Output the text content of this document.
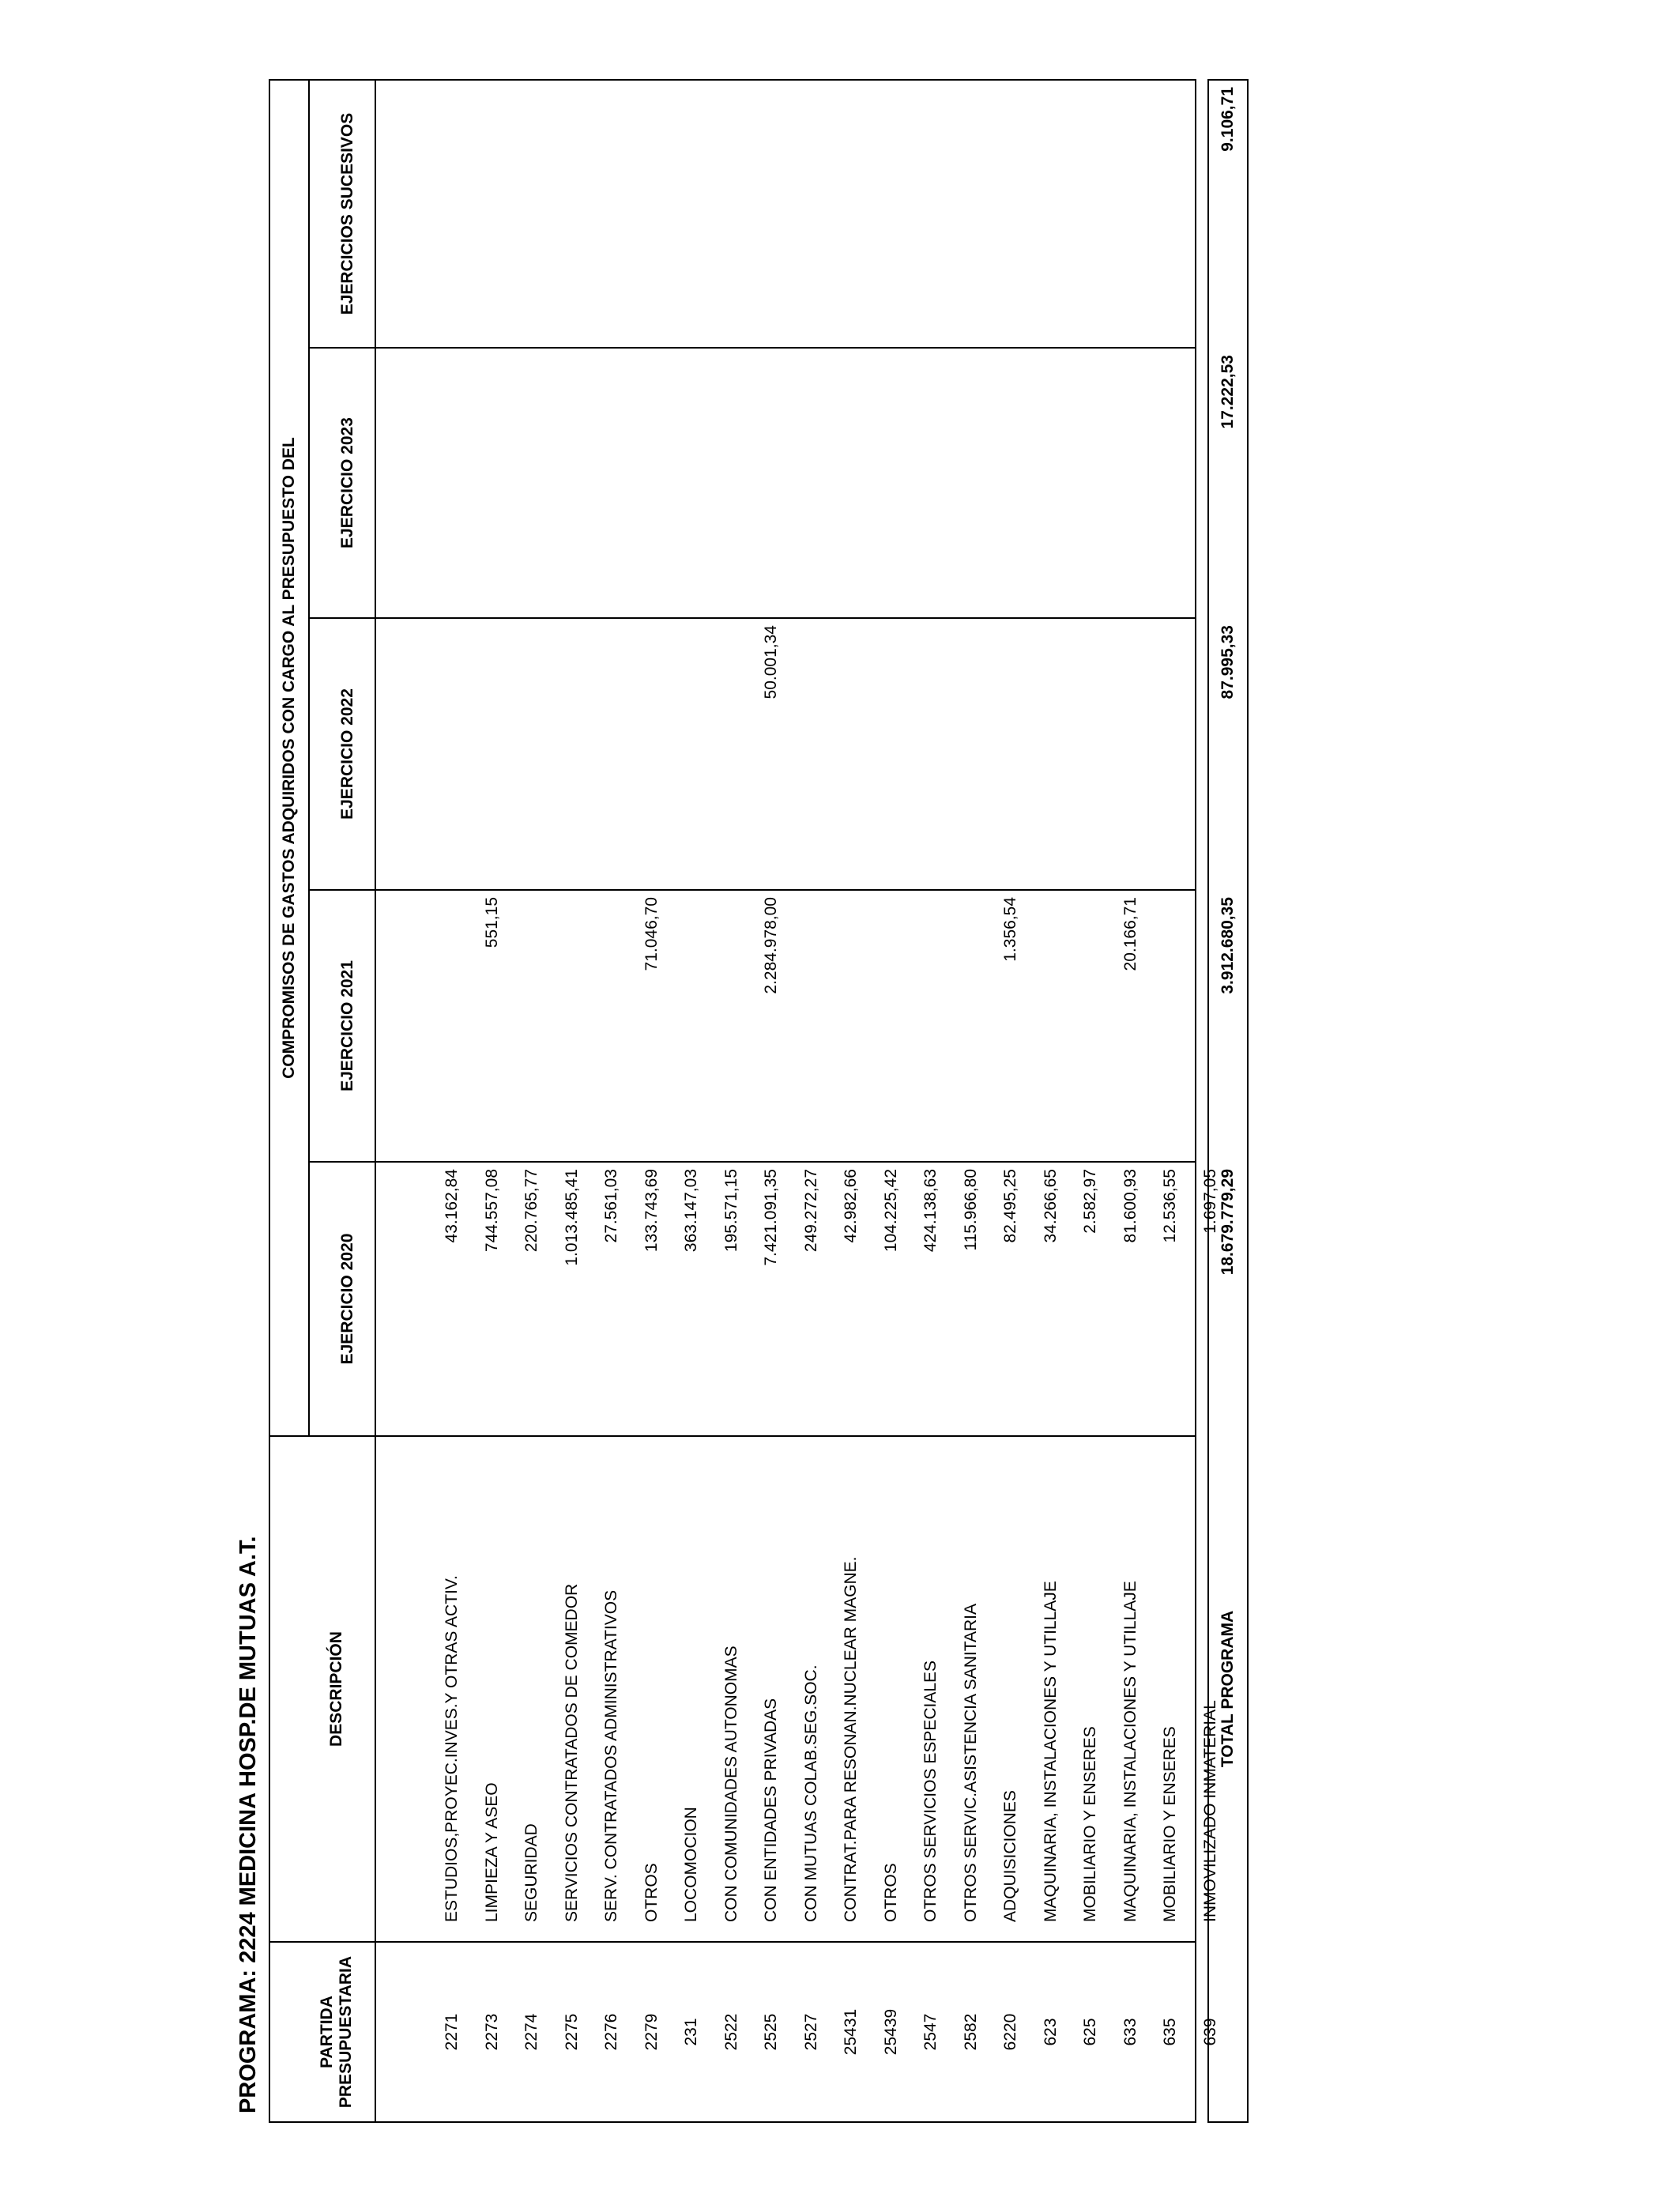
PROGRAMA: 2224 MEDICINA HOSP.DE MUTUAS A.T.	PARTIDA
PRESUPUESTARIA
DESCRIPCIÓN
COMPROMISOS DE GASTOS ADQUIRIDOS CON CARGO AL PRESUPUESTO DEL
EJERCICIO 2020
EJERCICIO 2021
EJERCICIO 2022
EJERCICIO 2023
EJERCICIOS SUCESIVOS
2271
ESTUDIOS,PROYEC.INVES.Y OTRAS ACTIV.
43.162,84
2273
LIMPIEZA Y ASEO
744.557,08
551,15
2274
SEGURIDAD
220.765,77
2275
SERVICIOS CONTRATADOS DE COMEDOR
1.013.485,41
2276
SERV. CONTRATADOS ADMINISTRATIVOS
27.561,03
2279
OTROS
133.743,69
71.046,70
231
LOCOMOCION
363.147,03
2522
CON COMUNIDADES AUTONOMAS
195.571,15
2525
CON ENTIDADES PRIVADAS
7.421.091,35
2.284.978,00
50.001,34
2527
CON MUTUAS COLAB.SEG.SOC.
249.272,27
25431
CONTRAT.PARA RESONAN.NUCLEAR MAGNE.
42.982,66
25439
OTROS
104.225,42
2547
OTROS SERVICIOS ESPECIALES
424.138,63
2582
OTROS SERVIC.ASISTENCIA SANITARIA
115.966,80
6220
ADQUISICIONES
82.495,25
1.356,54
623
MAQUINARIA, INSTALACIONES Y UTILLAJE
34.266,65
625
MOBILIARIO Y ENSERES
2.582,97
633
MAQUINARIA, INSTALACIONES Y UTILLAJE
81.600,93
20.166,71
635
MOBILIARIO Y ENSERES
12.536,55
639
INMOVILIZADO INMATERIAL
1.697,05
TOTAL PROGRAMA
18.679.779,29
3.912.680,35
87.995,33
17.222,53
9.106,71
